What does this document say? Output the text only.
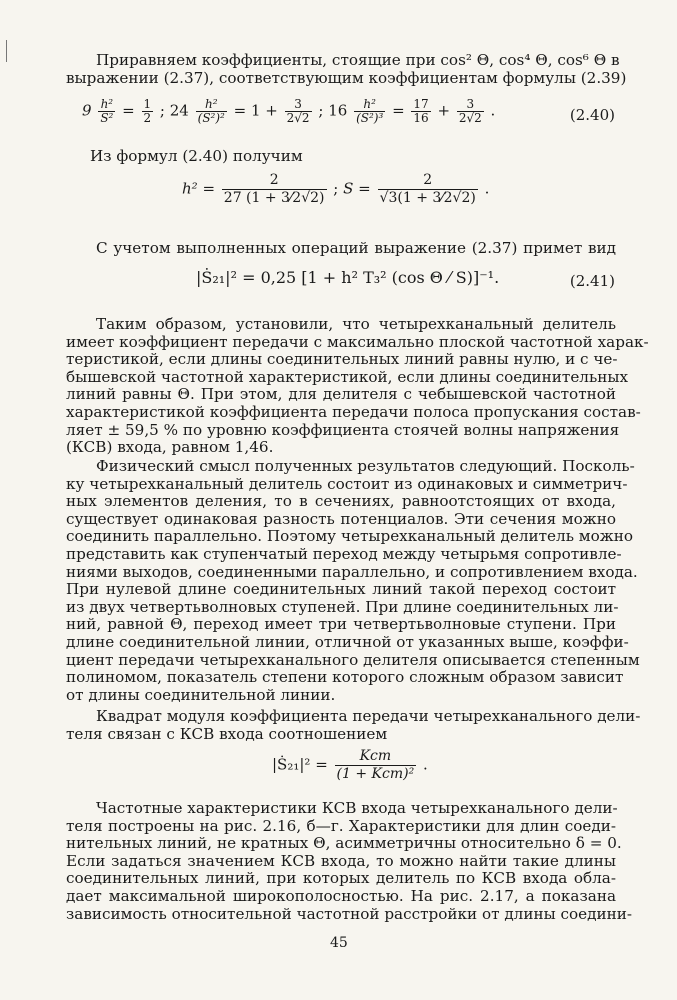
Приравняем коэффициенты, стоящие при cos² Θ, cos⁴ Θ, cos⁶ Θ в
выражении (2.37), соответствующим коэффициентам формулы (2.39)
$9 \frac{\text{h²}}{\text{S̄²}} = \frac{1}{2}$ ; $24 \frac{\text{h²}}{\text{(S̄²)²}} = 1 + \frac{3}{2√2}$ ; $16 \frac{\text{h²}}{\text{(S̄²)³}} = \frac{17}{16} + \frac{3}{2√2}$ .	(2.40)
Из формул (2.40) получим
$h^2 = \frac{2}{27 (1 + 3⁄2√2)}$ ; $S = \frac{2}{√3(1 + 3⁄2√2)}$ .
С учетом выполненных операций выражение (2.37) примет вид
|Ṡ₂₁|² = 0,25 [1 + h² T₃² (cos Θ ⁄ S)]⁻¹.	(2.41)
Таким образом, установили, что четырехканальный делитель
имеет коэффициент передачи с максимально плоской частотной харак-
теристикой, если длины соединительных линий равны нулю, и с че-
бышевской частотной характеристикой, если длины соединительных
линий равны Θ. При этом, для делителя с чебышевской частотной
характеристикой коэффициента передачи полоса пропускания состав-
ляет ± 59,5 % по уровню коэффициента стоячей волны напряжения
(КСВ) входа, равном 1,46.
Физический смысл полученных результатов следующий. Посколь-
ку четырехканальный делитель состоит из одинаковых и симметрич-
ных элементов деления, то в сечениях, равноотстоящих от входа,
существует одинаковая разность потенциалов. Эти сечения можно
соединить параллельно. Поэтому четырехканальный делитель можно
представить как ступенчатый переход между четырьмя сопротивле-
ниями выходов, соединенными параллельно, и сопротивлением входа.
При нулевой длине соединительных линий такой переход состоит
из двух четвертьволновых ступеней. При длине соединительных ли-
ний, равной Θ, переход имеет три четвертьволновые ступени. При
длине соединительной линии, отличной от указанных выше, коэффи-
циент передачи четырехканального делителя описывается степенным
полиномом, показатель степени которого сложным образом зависит
от длины соединительной линии.
Квадрат модуля коэффициента передачи четырехканального дели-
теля связан с КСВ входа соотношением
|Ṡ₂₁|² = $\frac{\text{Kст}}{\text{(1 + Kст)²}}$ .
Частотные характеристики КСВ входа четырехканального дели-
теля построены на рис. 2.16, б—г. Характеристики для длин соеди-
нительных линий, не кратных Θ, асимметричны относительно δ = 0.
Если задаться значением КСВ входа, то можно найти такие длины
соединительных линий, при которых делитель по КСВ входа обла-
дает максимальной широкополосностью. На рис. 2.17, а показана
зависимость относительной частотной расстройки от длины соедини-
45
